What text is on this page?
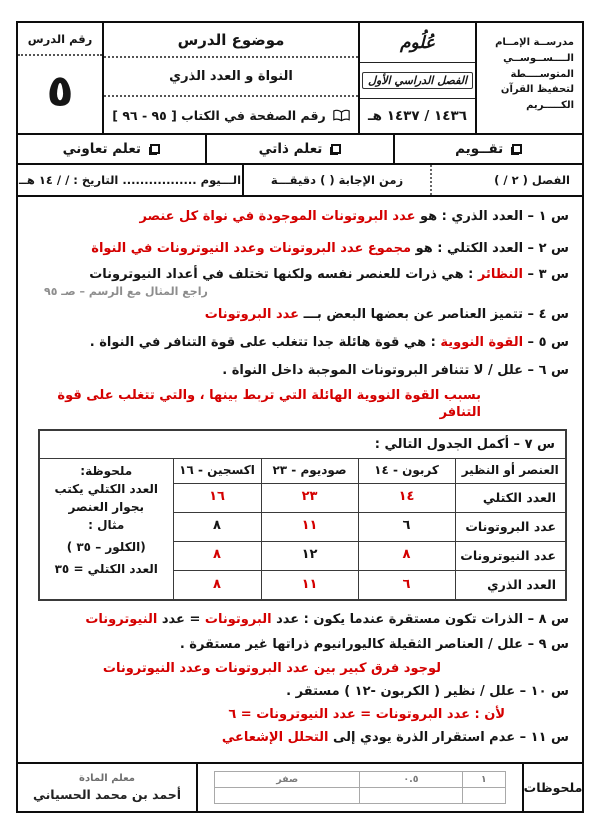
مدرســة الإمــام
الــــســوســي
المتوســــطة
لتحفيظ القرآن
الكـــــريم
عُلُوم
الفصل الدراسي الأول
١٤٣٦ / ١٤٣٧ هـ
موضوع الدرس
النواة و العدد الذري
رقم الصفحة في الكتاب [ ٩٥ - ٩٦ ]
رقم الدرس
٥
تقــويم
تعلم ذاتي
تعلم تعاوني
الفصل ( ٢ / )
زمن الإجابة ( ) دقيقـــة
الـــيوم ................. التاريخ : / / ١٤ هــ
س ١ – العدد الذري : هو عدد البروتونات الموجودة في نواة كل عنصر
س ٢ – العدد الكتلي : هو مجموع عدد البروتونات وعدد النيوترونات في النواة
س ٣ – النظائر : هي ذرات للعنصر نفسه ولكنها تختلف في أعداد النيوترونات
راجع المثال مع الرسم – صـ ٩٥
س ٤ – تتميز العناصر عن بعضها البعض بـــ عدد البروتونات
س ٥ – القوة النووية : هي قوة هائلة جدا تتغلب على قوة التنافر في النواة .
س ٦ – علل / لا تتنافر البروتونات الموجبة داخل النواة .
بسبب القوة النووية الهائلة التي تربط بينها ، والتي تتغلب على قوة التنافر
س ٧ – أكمل الجدول التالي :
العنصر أو النظير	كربون - ١٤	صوديوم - ٢٣	اكسجين - ١٦	ملحوظة:
العدد الكتلي يكتب بجوار العنصر
مثال :
(الكلور – ٣٥ )
العدد الكتلي = ٣٥

العدد الكتلي	١٤	٢٣	١٦	
عدد البروتونات	٦	١١	٨	
عدد النيوترونات	٨	١٢	٨	
العدد الذري	٦	١١	٨	
س ٨ – الذرات تكون مستقرة عندما يكون : عدد البروتونات = عدد النيوترونات
س ٩ – علل / العناصر الثقيلة كاليورانيوم ذراتها غير مستقرة .
لوجود فرق كبير بين عدد البروتونات وعدد النيوترونات
س ١٠ – علل / نظير ( الكربون -١٢ ) مستقر .
لأن : عدد البروتونات = عدد النيوترونات = ٦
س ١١ – عدم استقرار الذرة يودي إلى التحلل الإشعاعي
ملحوظات
١	٠.٥	صفر

معلم المادة
أحمد بن محمد الحسياني
